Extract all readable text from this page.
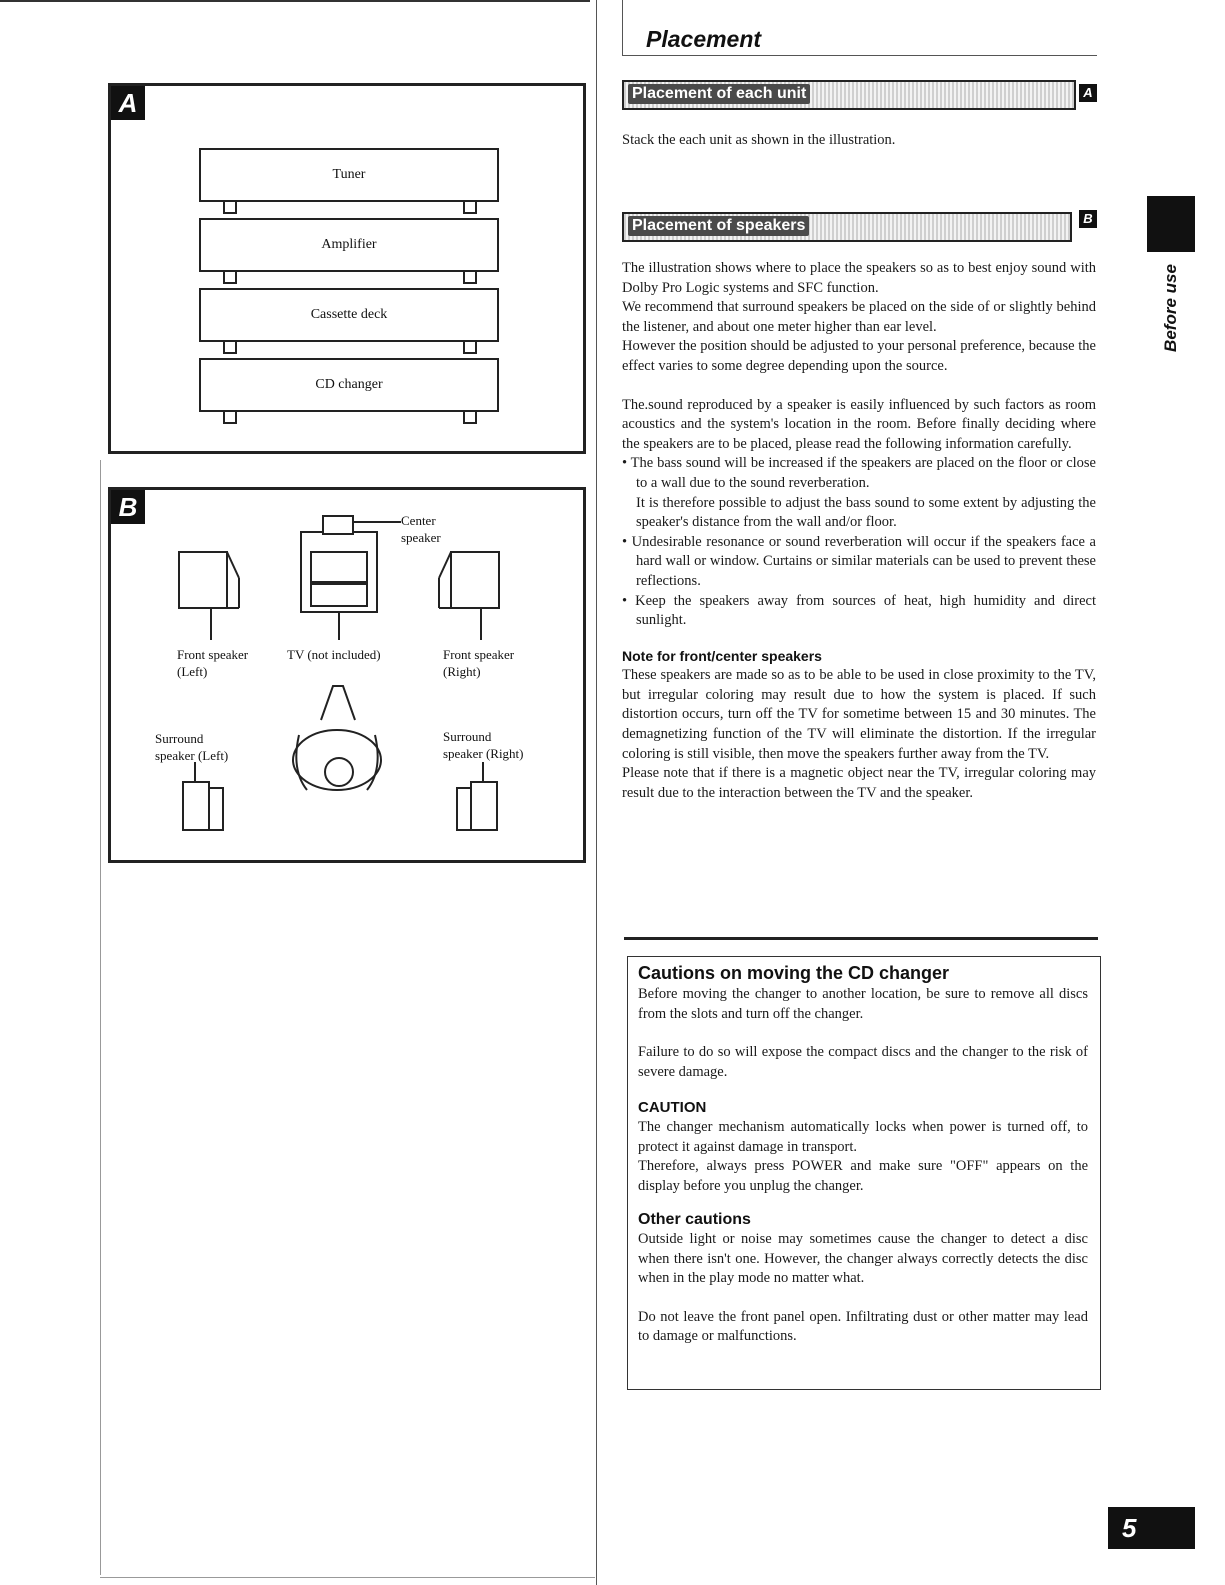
A
Tuner
Amplifier
Cassette deck
CD changer
B	Center
speaker
Front speaker
(Left)
TV (not included)	Front speaker
(Right)
Surround
speaker (Left)
Surround
speaker (Right)
Placement
Placement of each unit	A
Stack the each unit as shown in the illustration.
Placement of speakers	B

The illustration shows where to place the speakers so as to best enjoy sound with Dolby Pro Logic systems and SFC function.

We recommend that surround speakers be placed on the side of or slightly behind the listener, and about one meter higher than ear level.

However the position should be adjusted to your personal preference, because the effect varies to some degree depending upon the source.

The.sound reproduced by a speaker is easily influenced by such factors as room acoustics and the system's location in the room. Before finally deciding where the speakers are to be placed, please read the following information carefully.

• The bass sound will be increased if the speakers are placed on the floor or close to a wall due to the sound reverberation.

It is therefore possible to adjust the bass sound to some extent by adjusting the speaker's distance from the wall and/or floor.

• Undesirable resonance or sound reverberation will occur if the speakers face a hard wall or window. Curtains or similar materials can be used to prevent these reflections.

• Keep the speakers away from sources of heat, high humidity and direct sunlight.

Note for front/center speakers

These speakers are made so as to be able to be used in close proximity to the TV, but irregular coloring may result due to how the system is placed. If such distortion occurs, turn off the TV for sometime between 15 and 30 minutes. The demagnetizing function of the TV will eliminate the distortion. If the irregular coloring is still visible, then move the speakers further away from the TV.

Please note that if there is a magnetic object near the TV, irregular coloring may result due to the interaction between the TV and the speaker.

Cautions on moving the CD changer

Before moving the changer to another location, be sure to remove all discs from the slots and turn off the changer.

Failure to do so will expose the compact discs and the changer to the risk of severe damage.

CAUTION

The changer mechanism automatically locks when power is turned off, to protect it against damage in transport.

Therefore, always press POWER and make sure "OFF" appears on the display before you unplug the changer.

Other cautions

Outside light or noise may sometimes cause the changer to detect a disc when there isn't one. However, the changer always correctly detects the disc when in the play mode no matter what.

Do not leave the front panel open. Infiltrating dust or other matter may lead to damage or malfunctions.

Before use
5
